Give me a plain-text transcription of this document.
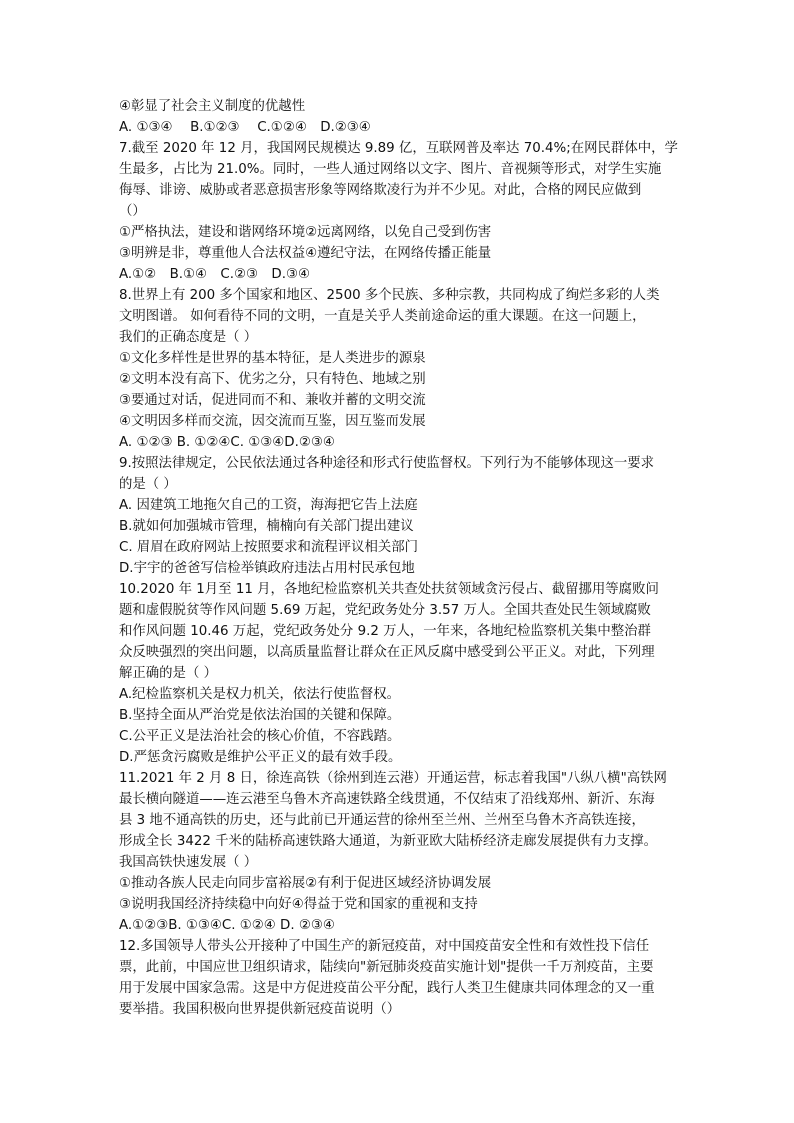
④彰显了社会主义制度的优越性
A. ①③④　 B.①②③　 C.①②④　D.②③④
7.截至 2020 年 12 月，我国网民规模达 9.89 亿，互联网普及率达 70.4%;在网民群体中，学
生最多，占比为 21.0%。同时，一些人通过网络以文字、图片、音视频等形式，对学生实施
侮辱、诽谤、威胁或者恶意损害形象等网络欺凌行为并不少见。对此，合格的网民应做到
（）
①严格执法，建设和谐网络环境②远离网络，以免自己受到伤害
③明辨是非，尊重他人合法权益④遵纪守法，在网络传播正能量
A.①②　B.①④　C.②③　D.③④
8.世界上有 200 多个国家和地区、2500 多个民族、多种宗教，共同构成了绚烂多彩的人类
文明图谱。 如何看待不同的文明，一直是关乎人类前途命运的重大课题。在这一问题上，
我们的正确态度是（ ）
①文化多样性是世界的基本特征，是人类进步的源泉
②文明本没有高下、优劣之分，只有特色、地域之别
③要通过对话，促进同而不和、兼收并蓄的文明交流
④文明因多样而交流，因交流而互鉴，因互鉴而发展
A. ①②③ B. ①②④C. ①③④D.②③④
9.按照法律规定，公民依法通过各种途径和形式行使监督权。下列行为不能够体现这一要求
的是（ ）
A. 因建筑工地拖欠自己的工资，海海把它告上法庭
B.就如何加强城市管理，楠楠向有关部门提出建议
C. 眉眉在政府网站上按照要求和流程评议相关部门
D.宇宇的爸爸写信检举镇政府违法占用村民承包地
10.2020 年 1月至 11 月，各地纪检监察机关共查处扶贫领域贪污侵占、截留挪用等腐败问
题和虚假脱贫等作风问题 5.69 万起，党纪政务处分 3.57 万人。全国共查处民生领域腐败
和作风问题 10.46 万起，党纪政务处分 9.2 万人，一年来，各地纪检监察机关集中整治群
众反映强烈的突出问题，以高质量监督让群众在正风反腐中感受到公平正义。对此，下列理
解正确的是（ ）
A.纪检监察机关是权力机关，依法行使监督权。
B.坚持全面从严治党是依法治国的关键和保障。
C.公平正义是法治社会的核心价值，不容践踏。
D.严惩贪污腐败是维护公平正义的最有效手段。
11.2021 年 2 月 8 日，徐连高铁（徐州到连云港）开通运营，标志着我国"八纵八横"高铁网
最长横向隧道——连云港至乌鲁木齐高速铁路全线贯通，不仅结束了沿线郑州、新沂、东海
县 3 地不通高铁的历史，还与此前已开通运营的徐州至兰州、兰州至乌鲁木齐高铁连接，
形成全长 3422 千米的陆桥高速铁路大通道，为新亚欧大陆桥经济走廊发展提供有力支撑。
我国高铁快速发展（ ）
①推动各族人民走向同步富裕展②有利于促进区域经济协调发展
③说明我国经济持续稳中向好④得益于党和国家的重视和支持
A.①②③B. ①③④C. ①②④ D. ②③④
12.多国领导人带头公开接种了中国生产的新冠疫苗，对中国疫苗安全性和有效性投下信任
票，此前，中国应世卫组织请求，陆续向"新冠肺炎疫苗实施计划"提供一千万剂疫苗，主要
用于发展中国家急需。这是中方促进疫苗公平分配，践行人类卫生健康共同体理念的又一重
要举措。我国积极向世界提供新冠疫苗说明（）
